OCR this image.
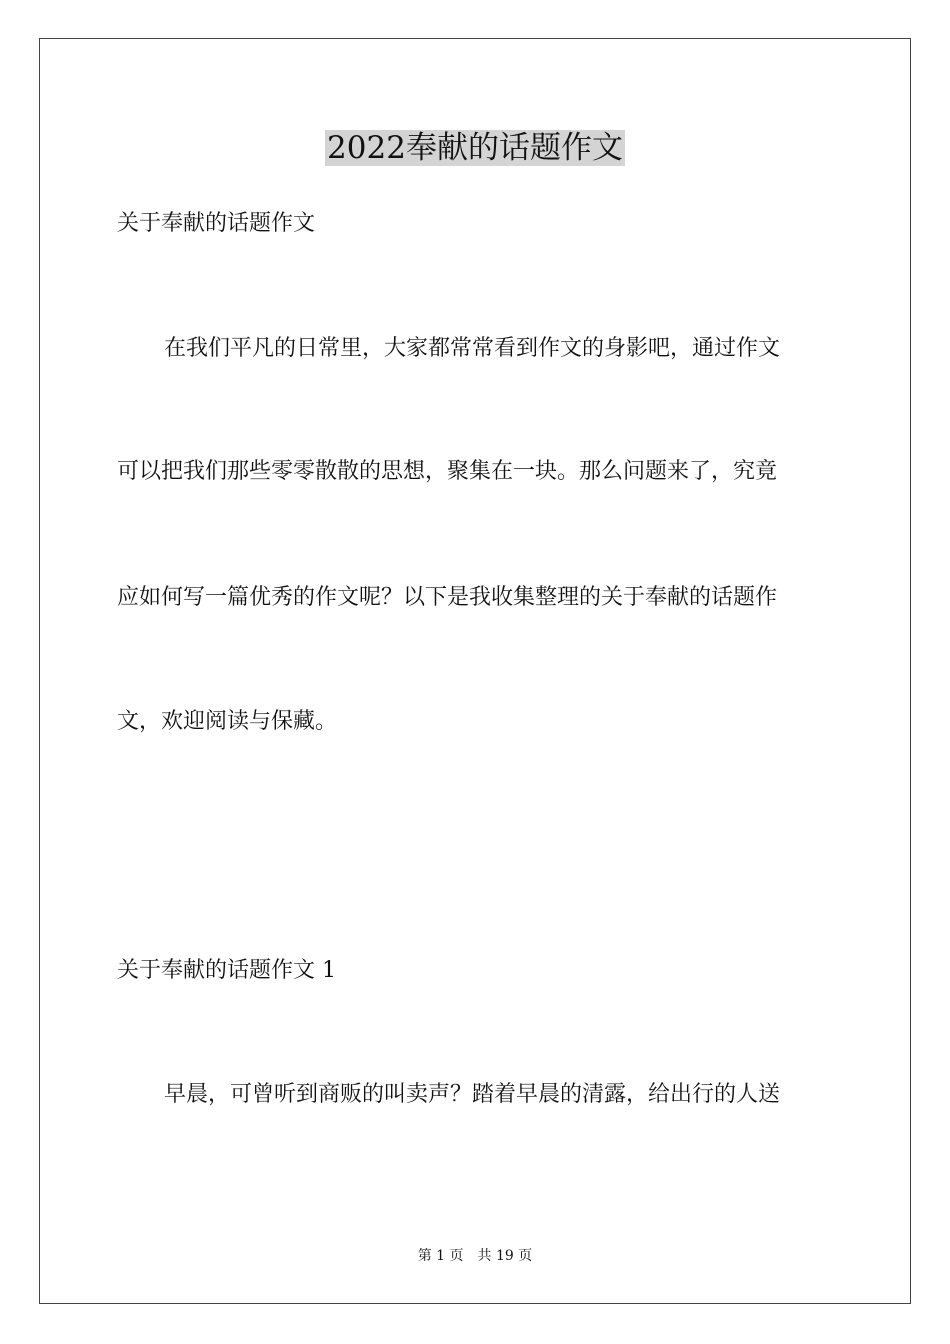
2022奉献的话题作文
关于奉献的话题作文
在我们平凡的日常里，大家都常常看到作文的身影吧，通过作文
可以把我们那些零零散散的思想，聚集在一块。那么问题来了，究竟
应如何写一篇优秀的作文呢？以下是我收集整理的关于奉献的话题作
文，欢迎阅读与保藏。
关于奉献的话题作文 1
早晨，可曾听到商贩的叫卖声？踏着早晨的清露，给出行的人送
第 1 页 共 19 页
